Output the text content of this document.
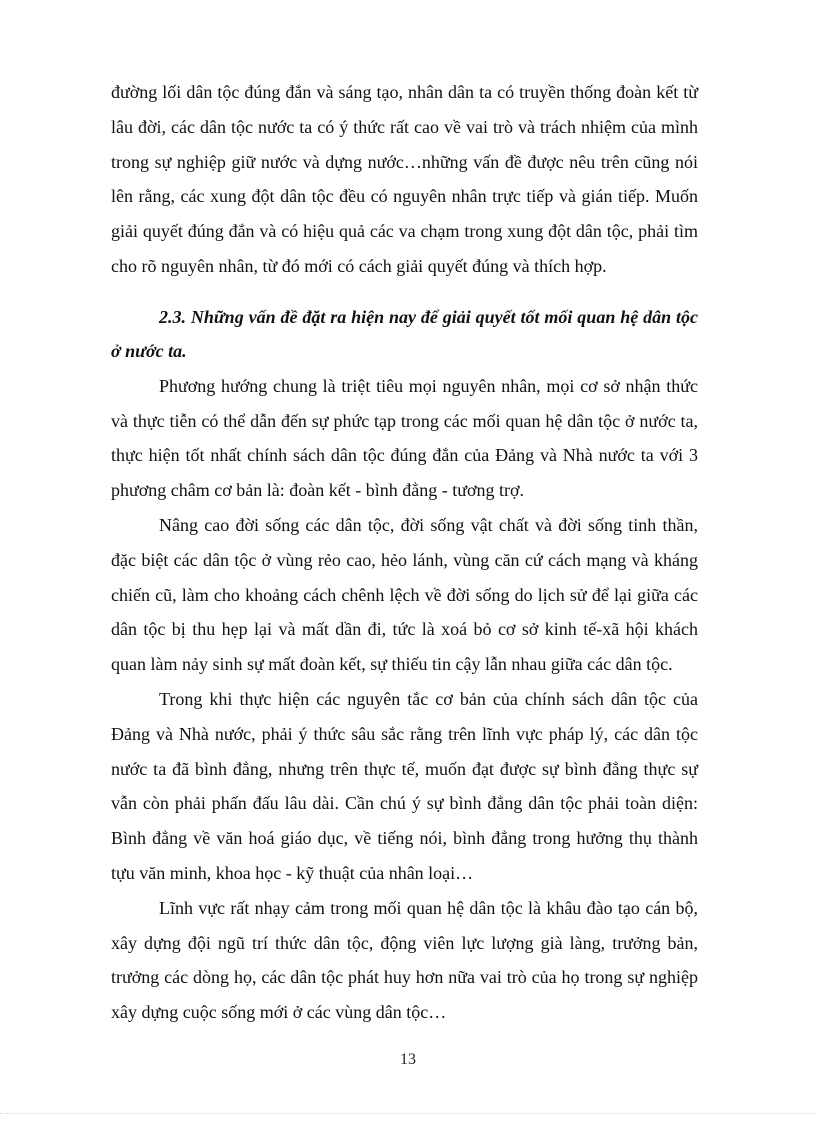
đường lối dân tộc đúng đắn và sáng tạo, nhân dân ta có truyền thống đoàn kết từ lâu đời, các dân tộc nước ta có ý thức rất cao về vai trò và trách nhiệm của mình trong sự nghiệp giữ nước và dựng nước…những vấn đề được nêu trên cũng nói lên rằng, các xung đột dân tộc đều có nguyên nhân trực tiếp và gián tiếp. Muốn giải quyết đúng đắn và có hiệu quả các va chạm trong xung đột dân tộc, phải tìm cho rõ nguyên nhân, từ đó mới có cách giải quyết đúng và thích hợp.

2.3. Những vấn đề đặt ra hiện nay để giải quyết tốt mối quan hệ dân tộc ở nước ta.

Phương hướng chung là triệt tiêu mọi nguyên nhân, mọi cơ sở nhận thức và thực tiễn có thể dẫn đến sự phức tạp trong các mối quan hệ dân tộc ở nước ta, thực hiện tốt nhất chính sách dân tộc đúng đắn của Đảng và Nhà nước ta với 3 phương châm cơ bản là: đoàn kết - bình đẳng - tương trợ.

Nâng cao đời sống các dân tộc, đời sống vật chất và đời sống tinh thần, đặc biệt các dân tộc ở vùng rẻo cao, hẻo lánh, vùng căn cứ cách mạng và kháng chiến cũ, làm cho khoảng cách chênh lệch về đời sống do lịch sử để lại giữa các dân tộc bị thu hẹp lại và mất dần đi, tức là xoá bỏ cơ sở kinh tế-xã hội khách quan làm nảy sinh sự mất đoàn kết, sự thiếu tin cậy lẫn nhau giữa các dân tộc.

Trong khi thực hiện các nguyên tắc cơ bản của chính sách dân tộc của Đảng và Nhà nước, phải ý thức sâu sắc rằng trên lĩnh vực pháp lý, các dân tộc nước ta đã bình đẳng, nhưng trên thực tế, muốn đạt được sự bình đẳng thực sự vẫn còn phải phấn đấu lâu dài. Cần chú ý sự bình đẳng dân tộc phải toàn diện: Bình đẳng về văn hoá giáo dục, về tiếng nói, bình đẳng trong hưởng thụ thành tựu văn minh, khoa học - kỹ thuật của nhân loại…

Lĩnh vực rất nhạy cảm trong mối quan hệ dân tộc là khâu đào tạo cán bộ, xây dựng đội ngũ trí thức dân tộc, động viên lực lượng già làng, trưởng bản, trưởng các dòng họ, các dân tộc phát huy hơn nữa vai trò của họ trong sự nghiệp xây dựng cuộc sống mới ở các vùng dân tộc…

13
